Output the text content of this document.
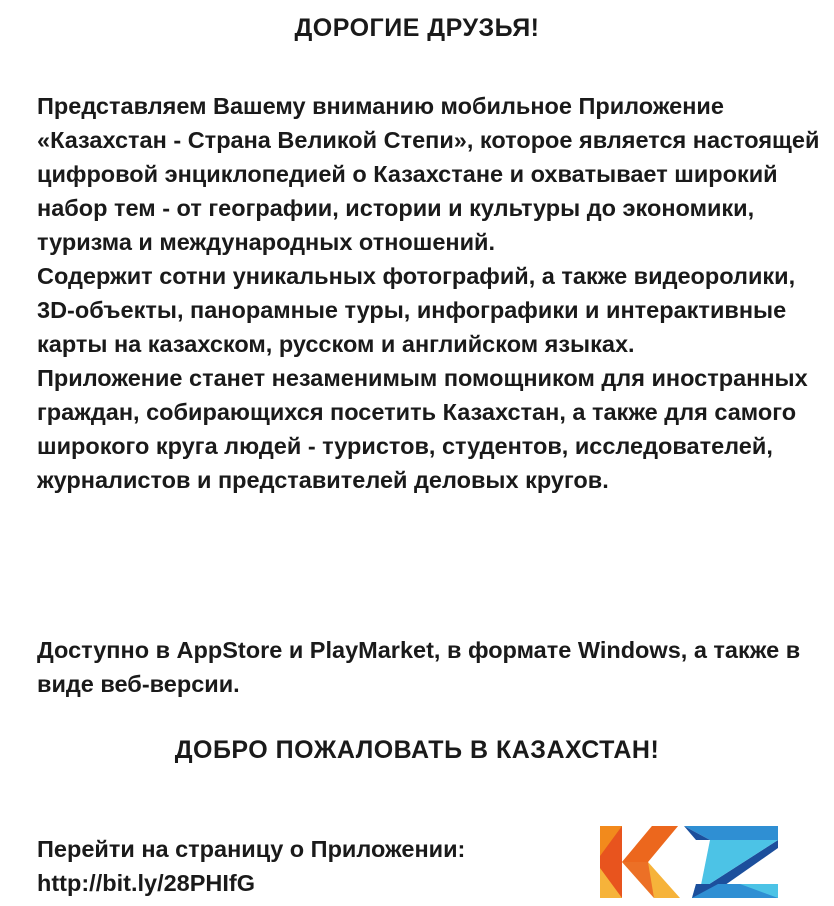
ДОРОГИЕ ДРУЗЬЯ!

Представляем Вашему вниманию мобильное Приложение «Казахстан - Страна Великой Степи», которое является настоящей цифровой энциклопедией о Казахстане и охватывает широкий набор тем - от географии, истории и культуры до экономики, туризма и международных отношений.

Содержит сотни уникальных фотографий, а также видеоролики, 3D-объекты, панорамные туры, инфографики и интерактивные карты на казахском, русском и английском языках.

Приложение станет незаменимым помощником для иностранных граждан, собирающихся посетить Казахстан, а также для самого широкого круга людей - туристов, студентов, исследователей, журналистов и представителей деловых кругов.

Доступно в AppStore и PlayMarket, в формате Windows, а также в виде веб-версии.

ДОБРО ПОЖАЛОВАТЬ В КАЗАХСТАН!
Перейти на страницу о Приложении:
http://bit.ly/28PHIfG
